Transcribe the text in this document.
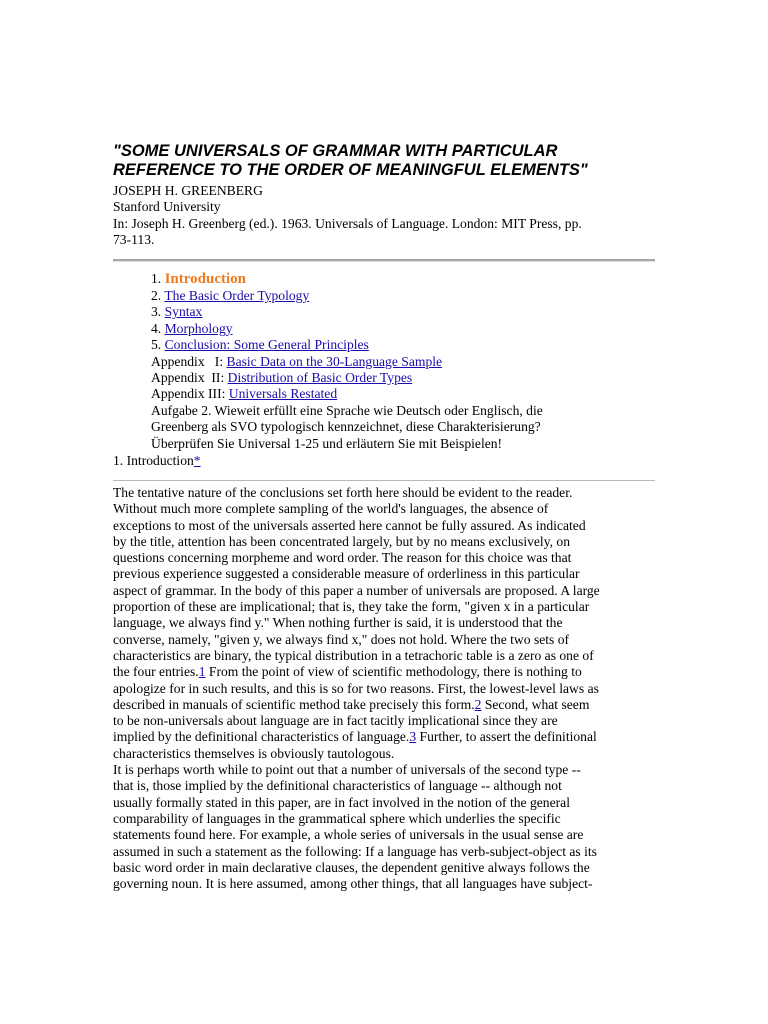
"SOME UNIVERSALS OF GRAMMAR WITH PARTICULAR
REFERENCE TO THE ORDER OF MEANINGFUL ELEMENTS"
JOSEPH H. GREENBERG
Stanford University
In: Joseph H. Greenberg (ed.). 1963. Universals of Language. London: MIT Press, pp.
73-113.
1. Introduction
2. The Basic Order Typology
3. Syntax
4. Morphology
5. Conclusion: Some General Principles
Appendix   I: Basic Data on the 30-Language Sample
Appendix  II: Distribution of Basic Order Types
Appendix III: Universals Restated
Aufgabe 2. Wieweit erfüllt eine Sprache wie Deutsch oder Englisch, die
Greenberg als SVO typologisch kennzeichnet, diese Charakterisierung?
Überprüfen Sie Universal 1-25 und erläutern Sie mit Beispielen!
1. Introduction*
The tentative nature of the conclusions set forth here should be evident to the reader.
Without much more complete sampling of the world's languages, the absence of
exceptions to most of the universals asserted here cannot be fully assured. As indicated
by the title, attention has been concentrated largely, but by no means exclusively, on
questions concerning morpheme and word order. The reason for this choice was that
previous experience suggested a considerable measure of orderliness in this particular
aspect of grammar. In the body of this paper a number of universals are proposed. A large
proportion of these are implicational; that is, they take the form, "given x in a particular
language, we always find y." When nothing further is said, it is understood that the
converse, namely, "given y, we always find x," does not hold. Where the two sets of
characteristics are binary, the typical distribution in a tetrachoric table is a zero as one of
the four entries.1 From the point of view of scientific methodology, there is nothing to
apologize for in such results, and this is so for two reasons. First, the lowest-level laws as
described in manuals of scientific method take precisely this form.2 Second, what seem
to be non-universals about language are in fact tacitly implicational since they are
implied by the definitional characteristics of language.3 Further, to assert the definitional
characteristics themselves is obviously tautologous.
It is perhaps worth while to point out that a number of universals of the second type --
that is, those implied by the definitional characteristics of language -- although not
usually formally stated in this paper, are in fact involved in the notion of the general
comparability of languages in the grammatical sphere which underlies the specific
statements found here. For example, a whole series of universals in the usual sense are
assumed in such a statement as the following: If a language has verb-subject-object as its
basic word order in main declarative clauses, the dependent genitive always follows the
governing noun. It is here assumed, among other things, that all languages have subject-
